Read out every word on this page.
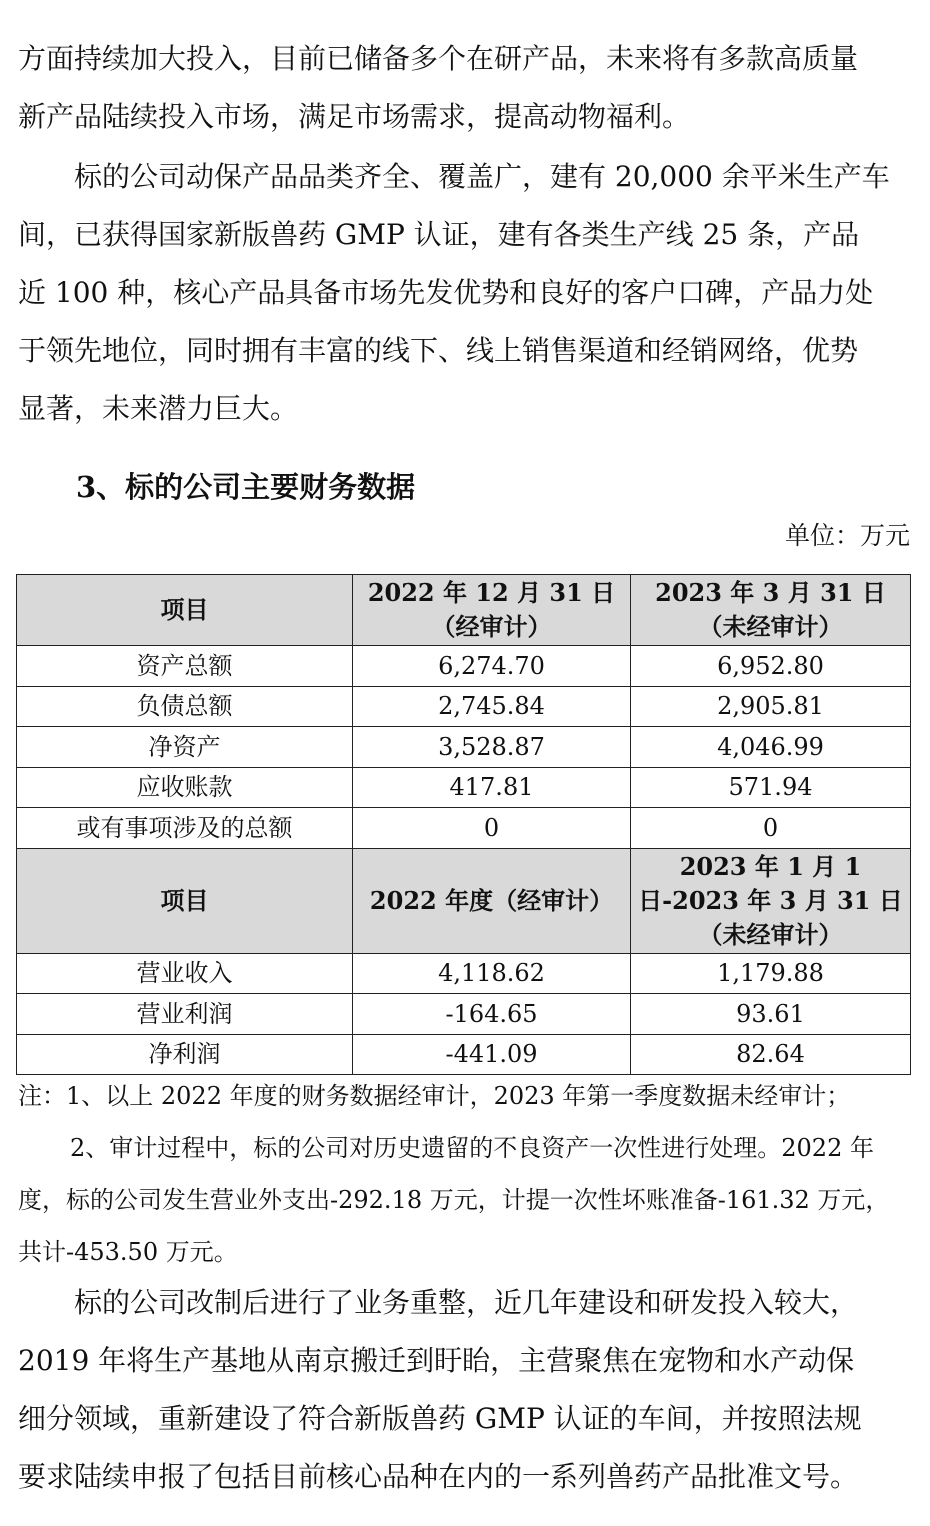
方面持续加大投入，目前已储备多个在研产品，未来将有多款高质量
新产品陆续投入市场，满足市场需求，提高动物福利。
标的公司动保产品品类齐全、覆盖广，建有 20,000 余平米生产车
间，已获得国家新版兽药 GMP 认证，建有各类生产线 25 条，产品
近 100 种，核心产品具备市场先发优势和良好的客户口碑，产品力处
于领先地位，同时拥有丰富的线下、线上销售渠道和经销网络，优势
显著，未来潜力巨大。
3、标的公司主要财务数据
单位：万元
项目	2022 年 12 月 31 日（经审计）	2023 年 3 月 31 日（未经审计）
资产总额	6,274.70	6,952.80
负债总额	2,745.84	2,905.81
净资产	3,528.87	4,046.99
应收账款	417.81	571.94
或有事项涉及的总额	0	0
项目	2022 年度（经审计）	2023 年 1 月 1 日-2023 年 3 月 31 日（未经审计）
营业收入	4,118.62	1,179.88
营业利润	-164.65	93.61
净利润	-441.09	82.64
注：1、以上 2022 年度的财务数据经审计，2023 年第一季度数据未经审计；
2、审计过程中，标的公司对历史遗留的不良资产一次性进行处理。2022 年
度，标的公司发生营业外支出-292.18 万元，计提一次性坏账准备-161.32 万元，
共计-453.50 万元。
标的公司改制后进行了业务重整，近几年建设和研发投入较大，
2019 年将生产基地从南京搬迁到盱眙，主营聚焦在宠物和水产动保
细分领域，重新建设了符合新版兽药 GMP 认证的车间，并按照法规
要求陆续申报了包括目前核心品种在内的一系列兽药产品批准文号。
